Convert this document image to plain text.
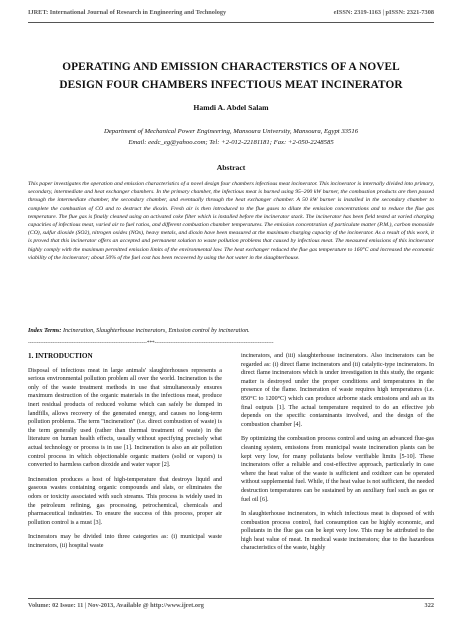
IJRET: International Journal of Research in Engineering and Technology	eISSN: 2319-1163 | pISSN: 2321-7308
OPERATING AND EMISSION CHARACTERSTICS OF A NOVEL
DESIGN FOUR CHAMBERS INFECTIOUS MEAT INCINERATOR
Hamdi A. Abdel Salam
Department of Mechanical Power Engineering, Mansoura University, Mansoura, Egypt 33516
Email: eedc_eg@yahoo.com; Tel: +2-012-22181181; Fax: +2-050-2248585
Abstract
This paper investigates the operation and emission characteristics of a novel design four chambers infectious meat incinerator. This incinerator is internally divided into primary, secondary, intermediate and heat exchanger chambers. In the primary chamber, the infectious meat is burned using 95–200 kW burner, the combustion products are then passed through the intermediate chamber, the secondary chamber, and eventually through the heat exchanger chamber. A 50 kW burner is installed in the secondary chamber to complete the combustion of CO and to destruct the dioxin. Fresh air is then introduced to the flue gases to dilute the emission concentrations and to reduce the flue gas temperature. The flue gas is finally cleaned using an activated coke filter which is installed before the incinerator stack. The incinerator has been field tested at varied charging capacities of infectious meat, varied air to fuel ratios, and different combustion chamber temperatures. The emission concentration of particulate matter (P.M.), carbon monoxide (CO), sulfur dioxide (SO2), nitrogen oxides (NOx), heavy metals, and dioxin have been measured at the maximum charging capacity of the incinerator. As a result of this work, it is proved that this incinerator offers an accepted and permanent solution to waste pollution problems that caused by infectious meat. The measured emissions of this incinerator highly comply with the maximum permitted emission limits of the environmental law. The heat exchanger reduced the flue gas temperature to 160°C and increased the economic viability of the incinerator; about 50% of the fuel cost has been recovered by using the hot water in the slaughterhouse.
Index Terms: Incineration, Slaughterhouse incinerators, Emission control by incineration.
--------------------------------------------------------------------***--------------------------------------------------------------------
1. INTRODUCTION

Disposal of infectious meat in large animals' slaughterhouses represents a serious environmental pollution problem all over the world. Incineration is the only of the waste treatment methods in use that simultaneously ensures maximum destruction of the organic materials in the infectious meat, produce inert residual products of reduced volume which can safely be dumped in landfills, allows recovery of the generated energy, and causes no long-term pollution problems. The term "incineration" (i.e. direct combustion of waste) is the term generally used (rather than thermal treatment of waste) in the literature on human health effects, usually without specifying precisely what actual technology or process is in use [1]. Incineration is also an air pollution control process in which objectionable organic matters (solid or vapors) is converted to harmless carbon dioxide and water vapor [2].

Incineration produces a host of high-temperature that destroys liquid and gaseous wastes containing organic compounds and slats, or eliminates the odors or toxicity associated with such streams. This process is widely used in the petroleum refining, gas processing, petrochemical, chemicals and pharmaceutical industries. To ensure the success of this process, proper air pollution control is a must [3].

Incinerators may be divided into three categories as: (i) municipal waste incinerators, (ii) hospital waste

incinerators, and (iii) slaughterhouse incinerators. Also incinerators can be regarded as: (i) direct flame incinerators and (ii) catalytic-type incinerators. In direct flame incinerators which is under investigation in this study, the organic matter is destroyed under the proper conditions and temperatures in the presence of the flame. Incineration of waste requires high temperatures (i.e. 850°C to 1200°C) which can produce airborne stack emissions and ash as its final outputs [1]. The actual temperature required to do an effective job depends on the specific contaminants involved, and the design of the combustion chamber [4].

By optimizing the combustion process control and using an advanced flue-gas cleaning system, emissions from municipal waste incineration plants can be kept very low, for many pollutants below verifiable limits [5-10]. These incinerators offer a reliable and cost-effective approach, particularly in case where the heat value of the waste is sufficient and oxidizer can be operated without supplemental fuel. While, if the heat value is not sufficient, the needed destruction temperatures can be sustained by an auxiliary fuel such as gas or fuel oil [6].

In slaughterhouse incinerators, in which infectious meat is disposed of with combustion process control, fuel consumption can be highly economic, and pollutants in the flue gas can be kept very low. This may be attributed to the high heat value of meat. In medical waste incinerators; due to the hazardous characteristics of the waste, highly

Volume: 02 Issue: 11 | Nov-2013, Available @ http://www.ijret.org	322
